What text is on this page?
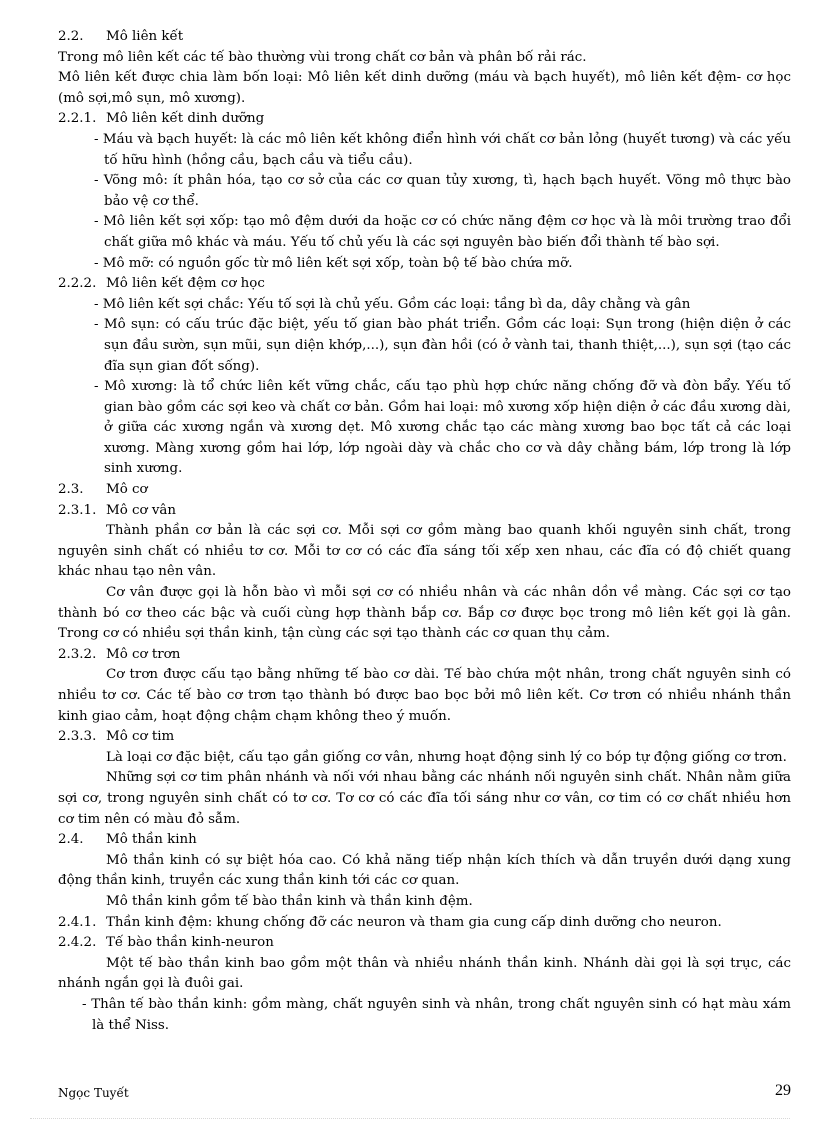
2.2.	Mô liên kết

Trong mô liên kết các tế bào thường vùi trong chất cơ bản và phân bố rải rác.

Mô liên kết được chia làm bốn loại: Mô liên kết dinh dưỡng (máu và bạch huyết), mô liên kết đệm- cơ học (mô sợi,mô sụn, mô xương).

2.2.1. Mô liên kết dinh dưỡng

- Máu và bạch huyết: là các mô liên kết không điển hình với chất cơ bản lỏng (huyết tương) và các yếu tố hữu hình (hồng cầu, bạch cầu và tiểu cầu).

- Võng mô: ít phân hóa, tạo cơ sở của các cơ quan tủy xương, tì, hạch bạch huyết. Võng mô thực bào bảo vệ cơ thể.

- Mô liên kết sợi xốp: tạo mô đệm dưới da hoặc cơ có chức năng đệm cơ học và là môi trường trao đổi chất giữa mô khác và máu. Yếu tố chủ yếu là các sợi nguyên bào biến đổi thành tế bào sợi.

- Mô mỡ: có nguồn gốc từ mô liên kết sợi xốp, toàn bộ tế bào chứa mỡ.

2.2.2. Mô liên kết đệm cơ học

- Mô liên kết sợi chắc: Yếu tố sợi là chủ yếu. Gồm các loại: tầng bì da, dây chằng và gân

- Mô sụn: có cấu trúc đặc biệt, yếu tố gian bào phát triển. Gồm các loại: Sụn trong (hiện diện ở các sụn đầu sườn, sụn mũi, sụn diện khớp,...), sụn đàn hồi (có ở vành tai, thanh thiệt,...), sụn sợi (tạo các đĩa sụn gian đốt sống).

- Mô xương: là tổ chức liên kết vững chắc, cấu tạo phù hợp chức năng chống đỡ và đòn bẩy. Yếu tố gian bào gồm các sợi keo và chất cơ bản. Gồm hai loại: mô xương xốp hiện diện ở các đầu xương dài, ở giữa các xương ngắn và xương dẹt. Mô xương chắc tạo các màng xương bao bọc tất cả các loại xương. Màng xương gồm hai lớp, lớp ngoài dày và chắc cho cơ và dây chằng bám, lớp trong là lớp sinh xương.

2.3.	Mô cơ

2.3.1. Mô cơ vân

Thành phần cơ bản là các sợi cơ. Mỗi sợi cơ gồm màng bao quanh khối nguyên sinh chất, trong nguyên sinh chất có nhiều tơ cơ. Mỗi tơ cơ có các đĩa sáng tối xếp xen nhau, các đĩa có độ chiết quang khác nhau tạo nên vân.

Cơ vân được gọi là hỗn bào vì mỗi sợi cơ có nhiều nhân và các nhân dồn về màng. Các sợi cơ tạo thành bó cơ theo các bậc và cuối cùng hợp thành bắp cơ. Bắp cơ được bọc trong mô liên kết gọi là gân. Trong cơ có nhiều sợi thần kinh, tận cùng các sợi tạo thành các cơ quan thụ cảm.

2.3.2. Mô cơ trơn

Cơ trơn được cấu tạo bằng những tế bào cơ dài. Tế bào chứa một nhân, trong chất nguyên sinh có nhiều tơ cơ. Các tế bào cơ trơn tạo thành bó được bao bọc bởi mô liên kết. Cơ trơn có nhiều nhánh thần kinh giao cảm, hoạt động chậm chạm không theo ý muốn.

2.3.3. Mô cơ tim

Là loại cơ đặc biệt, cấu tạo gần giống cơ vân, nhưng hoạt động sinh lý co bóp tự động giống cơ trơn.

Những sợi cơ tim phân nhánh và nối với nhau bằng các nhánh nối nguyên sinh chất. Nhân nằm giữa sợi cơ, trong nguyên sinh chất có tơ cơ. Tơ cơ có các đĩa tối sáng như cơ vân, cơ tim có cơ chất nhiều hơn cơ tim nên có màu đỏ sẫm.

2.4.	Mô thần kinh

Mô thần kinh có sự biệt hóa cao. Có khả năng tiếp nhận kích thích và dẫn truyền dưới dạng xung động thần kinh, truyền các xung thần kinh tới các cơ quan.

Mô thần kinh gồm tế bào thần kinh và thần kinh đệm.

2.4.1. Thần kinh đệm: khung chống đỡ các neuron và tham gia cung cấp dinh dưỡng cho neuron.

2.4.2. Tế bào thần kinh-neuron

Một tế bào thần kinh bao gồm một thân và nhiều nhánh thần kinh. Nhánh dài gọi là sợi trục, các nhánh ngắn gọi là đuôi gai.

- Thân tế bào thần kinh: gồm màng, chất nguyên sinh và nhân, trong chất nguyên sinh có hạt màu xám là thể Niss.

Ngọc Tuyết	29
